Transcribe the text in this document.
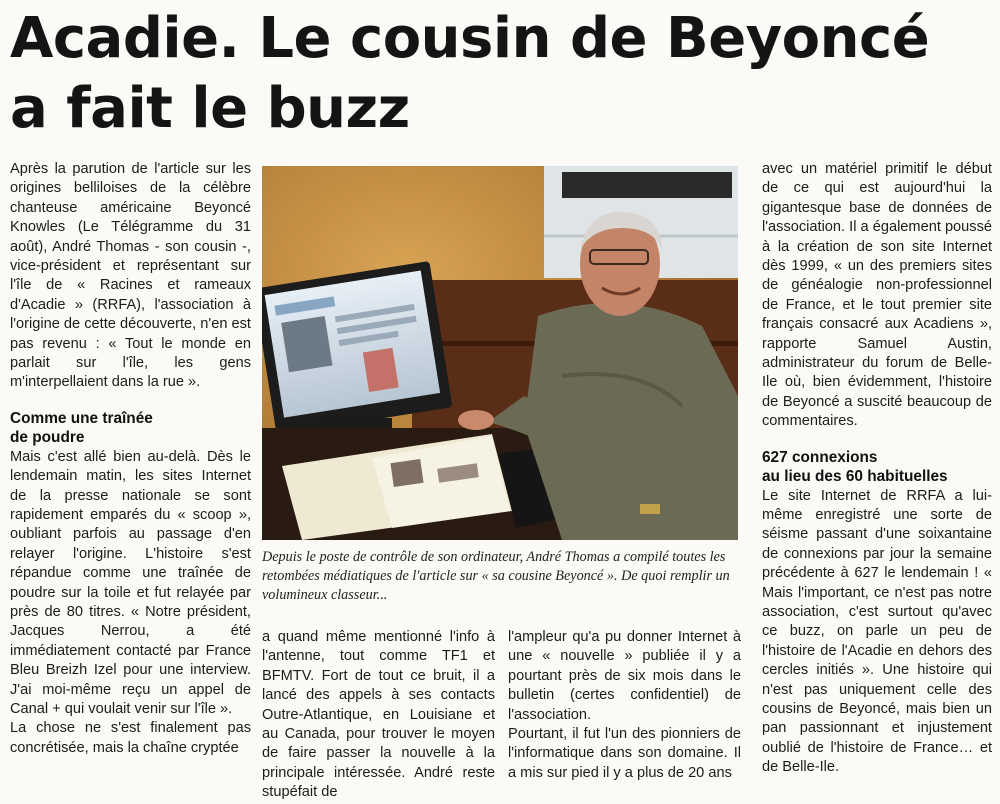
Acadie. Le cousin de Beyoncé
a fait le buzz

Après la parution de l'article sur les origines belliloises de la célèbre chanteuse américaine Beyoncé Knowles (Le Télégramme du 31 août), André Thomas - son cousin -, vice-président et représentant sur l'île de « Racines et rameaux d'Acadie » (RRFA), l'association à l'origine de cette découverte, n'en est pas revenu : « Tout le monde en parlait sur l'île, les gens m'interpellaient dans la rue ».

Comme une traînée
de poudre

Mais c'est allé bien au-delà. Dès le lendemain matin, les sites Internet de la presse nationale se sont rapidement emparés du « scoop », oubliant parfois au passage d'en relayer l'origine. L'histoire s'est répandue comme une traînée de poudre sur la toile et fut relayée par près de 80 titres. « Notre président, Jacques Nerrou, a été immédiatement contacté par France Bleu Breizh Izel pour une interview. J'ai moi-même reçu un appel de Canal + qui voulait venir sur l'île ».

La chose ne s'est finalement pas concrétisée, mais la chaîne cryptée

Depuis le poste de contrôle de son ordinateur, André Thomas a compilé toutes les retombées médiatiques de l'article sur « sa cousine Beyoncé ». De quoi remplir un volumineux classeur...

a quand même mentionné l'info à l'antenne, tout comme TF1 et BFMTV. Fort de tout ce bruit, il a lancé des appels à ses contacts Outre-Atlantique, en Louisiane et au Canada, pour trouver le moyen de faire passer la nouvelle à la principale intéressée. André reste stupéfait de

l'ampleur qu'a pu donner Internet à une « nouvelle » publiée il y a pourtant près de six mois dans le bulletin (certes confidentiel) de l'association.

Pourtant, il fut l'un des pionniers de l'informatique dans son domaine. Il a mis sur pied il y a plus de 20 ans

avec un matériel primitif le début de ce qui est aujourd'hui la gigantesque base de données de l'association. Il a également poussé à la création de son site Internet dès 1999, « un des premiers sites de généalogie non-professionnel de France, et le tout premier site français consacré aux Acadiens », rapporte Samuel Austin, administrateur du forum de Belle-Ile où, bien évidemment, l'histoire de Beyoncé a suscité beaucoup de commentaires.

627 connexions
au lieu des 60 habituelles

Le site Internet de RRFA a lui-même enregistré une sorte de séisme passant d'une soixantaine de connexions par jour la semaine précédente à 627 le lendemain ! « Mais l'important, ce n'est pas notre association, c'est surtout qu'avec ce buzz, on parle un peu de l'histoire de l'Acadie en dehors des cercles initiés ». Une histoire qui n'est pas uniquement celle des cousins de Beyoncé, mais bien un pan passionnant et injustement oublié de l'histoire de France… et de Belle-Ile.
